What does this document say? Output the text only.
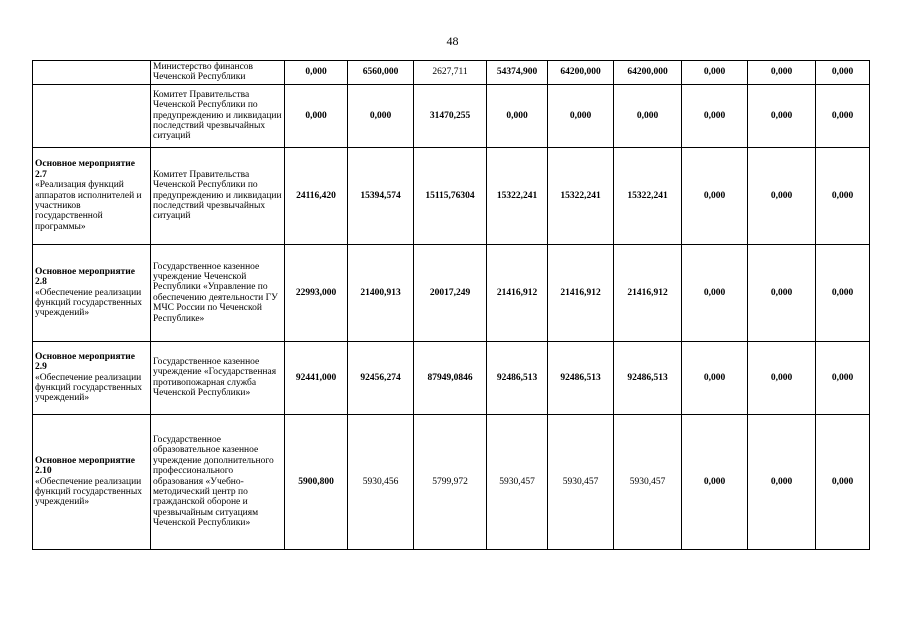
48
	Министерство финансов Чеченской Республики	0,000	6560,000	2627,711	54374,900	64200,000	64200,000	0,000	0,000	0,000

	Комитет Правительства Чеченской Республики по предупреждению и ликвидации последствий чрезвычайных ситуаций	0,000	0,000	31470,255	0,000	0,000	0,000	0,000	0,000	0,000

Основное мероприятие 2.7
«Реализация функций аппаратов исполнителей и участников государственной программы»	Комитет Правительства Чеченской Республики по предупреждению и ликвидации последствий чрезвычайных ситуаций	24116,420	15394,574	15115,76304	15322,241	15322,241	15322,241	0,000	0,000	0,000

Основное мероприятие 2.8
«Обеспечение реализации функций государственных учреждений»	Государственное казенное учреждение Чеченской Республики «Управление по обеспечению деятельности ГУ МЧС России по Чеченской Республике»	22993,000	21400,913	20017,249	21416,912	21416,912	21416,912	0,000	0,000	0,000

Основное мероприятие 2.9
«Обеспечение реализации функций государственных учреждений»	Государственное казенное учреждение «Государственная противопожарная служба Чеченской Республики»	92441,000	92456,274	87949,0846	92486,513	92486,513	92486,513	0,000	0,000	0,000

Основное мероприятие 2.10
«Обеспечение реализации функций государственных учреждений»	Государственное образовательное казенное учреждение дополнительного профессионального образования «Учебно-методический центр по гражданской обороне и чрезвычайным ситуациям Чеченской Республики»	5900,800	5930,456	5799,972	5930,457	5930,457	5930,457	0,000	0,000	0,000
